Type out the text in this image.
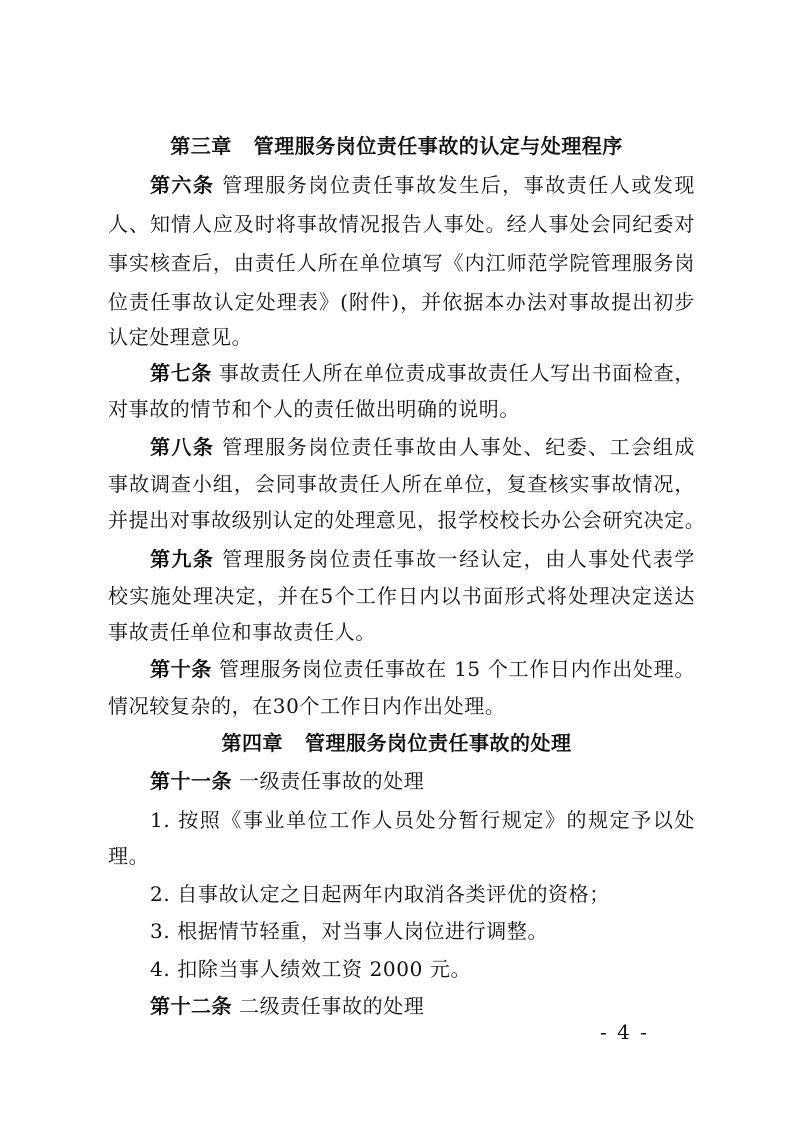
第三章 管理服务岗位责任事故的认定与处理程序
第六条 管理服务岗位责任事故发生后，事故责任人或发现
人、知情人应及时将事故情况报告人事处。经人事处会同纪委对
事实核查后，由责任人所在单位填写《内江师范学院管理服务岗
位责任事故认定处理表》(附件)，并依据本办法对事故提出初步
认定处理意见。
第七条 事故责任人所在单位责成事故责任人写出书面检查，
对事故的情节和个人的责任做出明确的说明。
第八条 管理服务岗位责任事故由人事处、纪委、工会组成
事故调查小组，会同事故责任人所在单位，复查核实事故情况，
并提出对事故级别认定的处理意见，报学校校长办公会研究决定。
第九条 管理服务岗位责任事故一经认定，由人事处代表学
校实施处理决定，并在5个工作日内以书面形式将处理决定送达
事故责任单位和事故责任人。
第十条 管理服务岗位责任事故在 15 个工作日内作出处理。
情况较复杂的，在30个工作日内作出处理。
第四章 管理服务岗位责任事故的处理
第十一条 一级责任事故的处理
1. 按照《事业单位工作人员处分暂行规定》的规定予以处
理。
2. 自事故认定之日起两年内取消各类评优的资格；
3. 根据情节轻重，对当事人岗位进行调整。
4. 扣除当事人绩效工资 2000 元。
第十二条 二级责任事故的处理
- 4 -
